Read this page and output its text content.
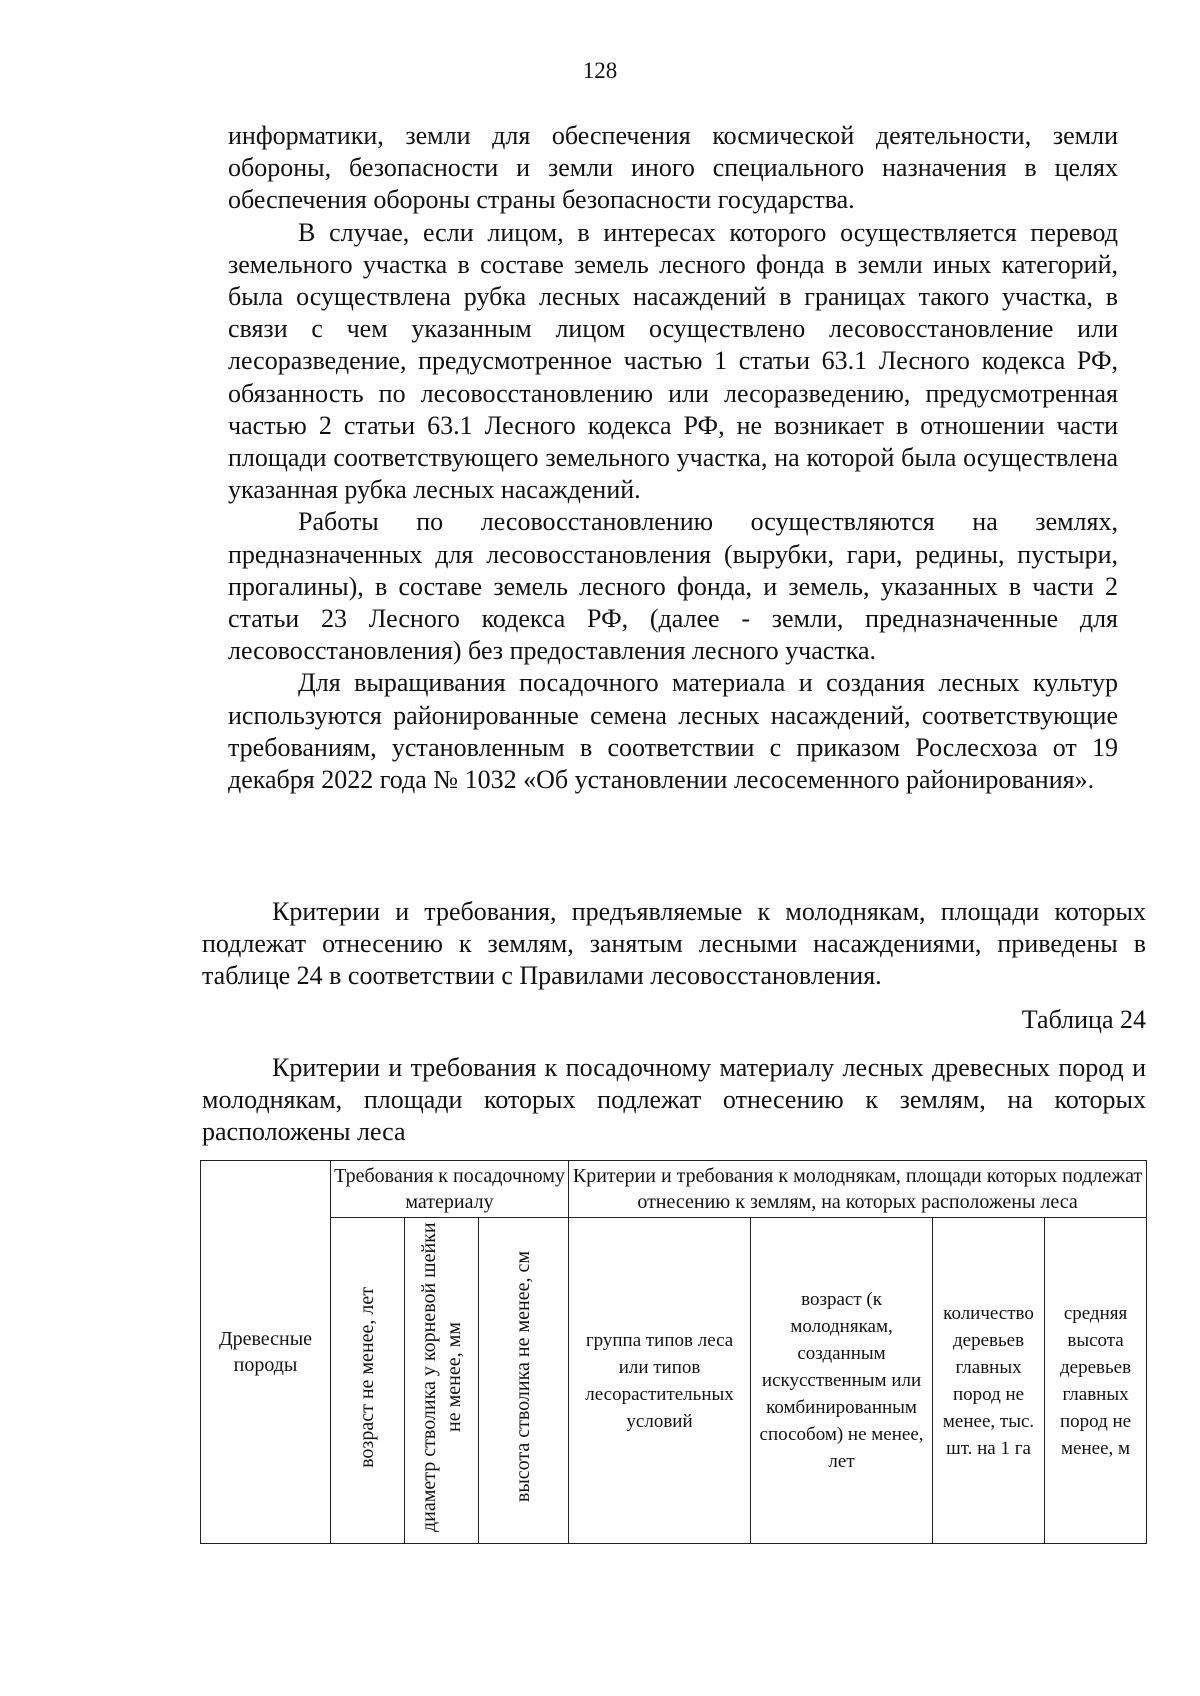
128

информатики, земли для обеспечения космической деятельности, земли обороны, безопасности и земли иного специального назначения в целях обеспечения обороны страны безопасности государства.

В случае, если лицом, в интересах которого осуществляется перевод земельного участка в составе земель лесного фонда в земли иных категорий, была осуществлена рубка лесных насаждений в границах такого участка, в связи с чем указанным лицом осуществлено лесовосстановление или лесоразведение, предусмотренное частью 1 статьи 63.1 Лесного кодекса РФ, обязанность по лесовосстановлению или лесоразведению, предусмотренная частью 2 статьи 63.1 Лесного кодекса РФ, не возникает в отношении части площади соответствующего земельного участка, на которой была осуществлена указанная рубка лесных насаждений.

Работы по лесовосстановлению осуществляются на землях, предназначенных для лесовосстановления (вырубки, гари, редины, пустыри, прогалины), в составе земель лесного фонда, и земель, указанных в части 2 статьи 23 Лесного кодекса РФ, (далее - земли, предназначенные для лесовосстановления) без предоставления лесного участка.

Для выращивания посадочного материала и создания лесных культур используются районированные семена лесных насаждений, соответствующие требованиям, установленным в соответствии с приказом Рослесхоза от 19 декабря 2022 года № 1032 «Об установлении лесосеменного районирования».

Критерии и требования, предъявляемые к молоднякам, площади которых подлежат отнесению к землям, занятым лесными насаждениями, приведены в таблице 24 в соответствии с Правилами лесовосстановления.

Таблица 24

Критерии и требования к посадочному материалу лесных древесных пород и молоднякам, площади которых подлежат отнесению к землям, на которых расположены леса

Древесные породы	Требования к посадочному материалу			Критерии и требования к молоднякам, площади которых подлежат отнесению к землям, на которых расположены леса			
	возраст не менее, лет	диаметр стволика у корневой шейки не менее, мм	высота стволика не менее, см	группа типов леса или типов лесорастительных условий	возраст (к молоднякам, созданным искусственным или комбинированным способом) не менее, лет	количество деревьев главных пород не менее, тыс. шт. на 1 га	средняя высота деревьев главных пород не менее, м
